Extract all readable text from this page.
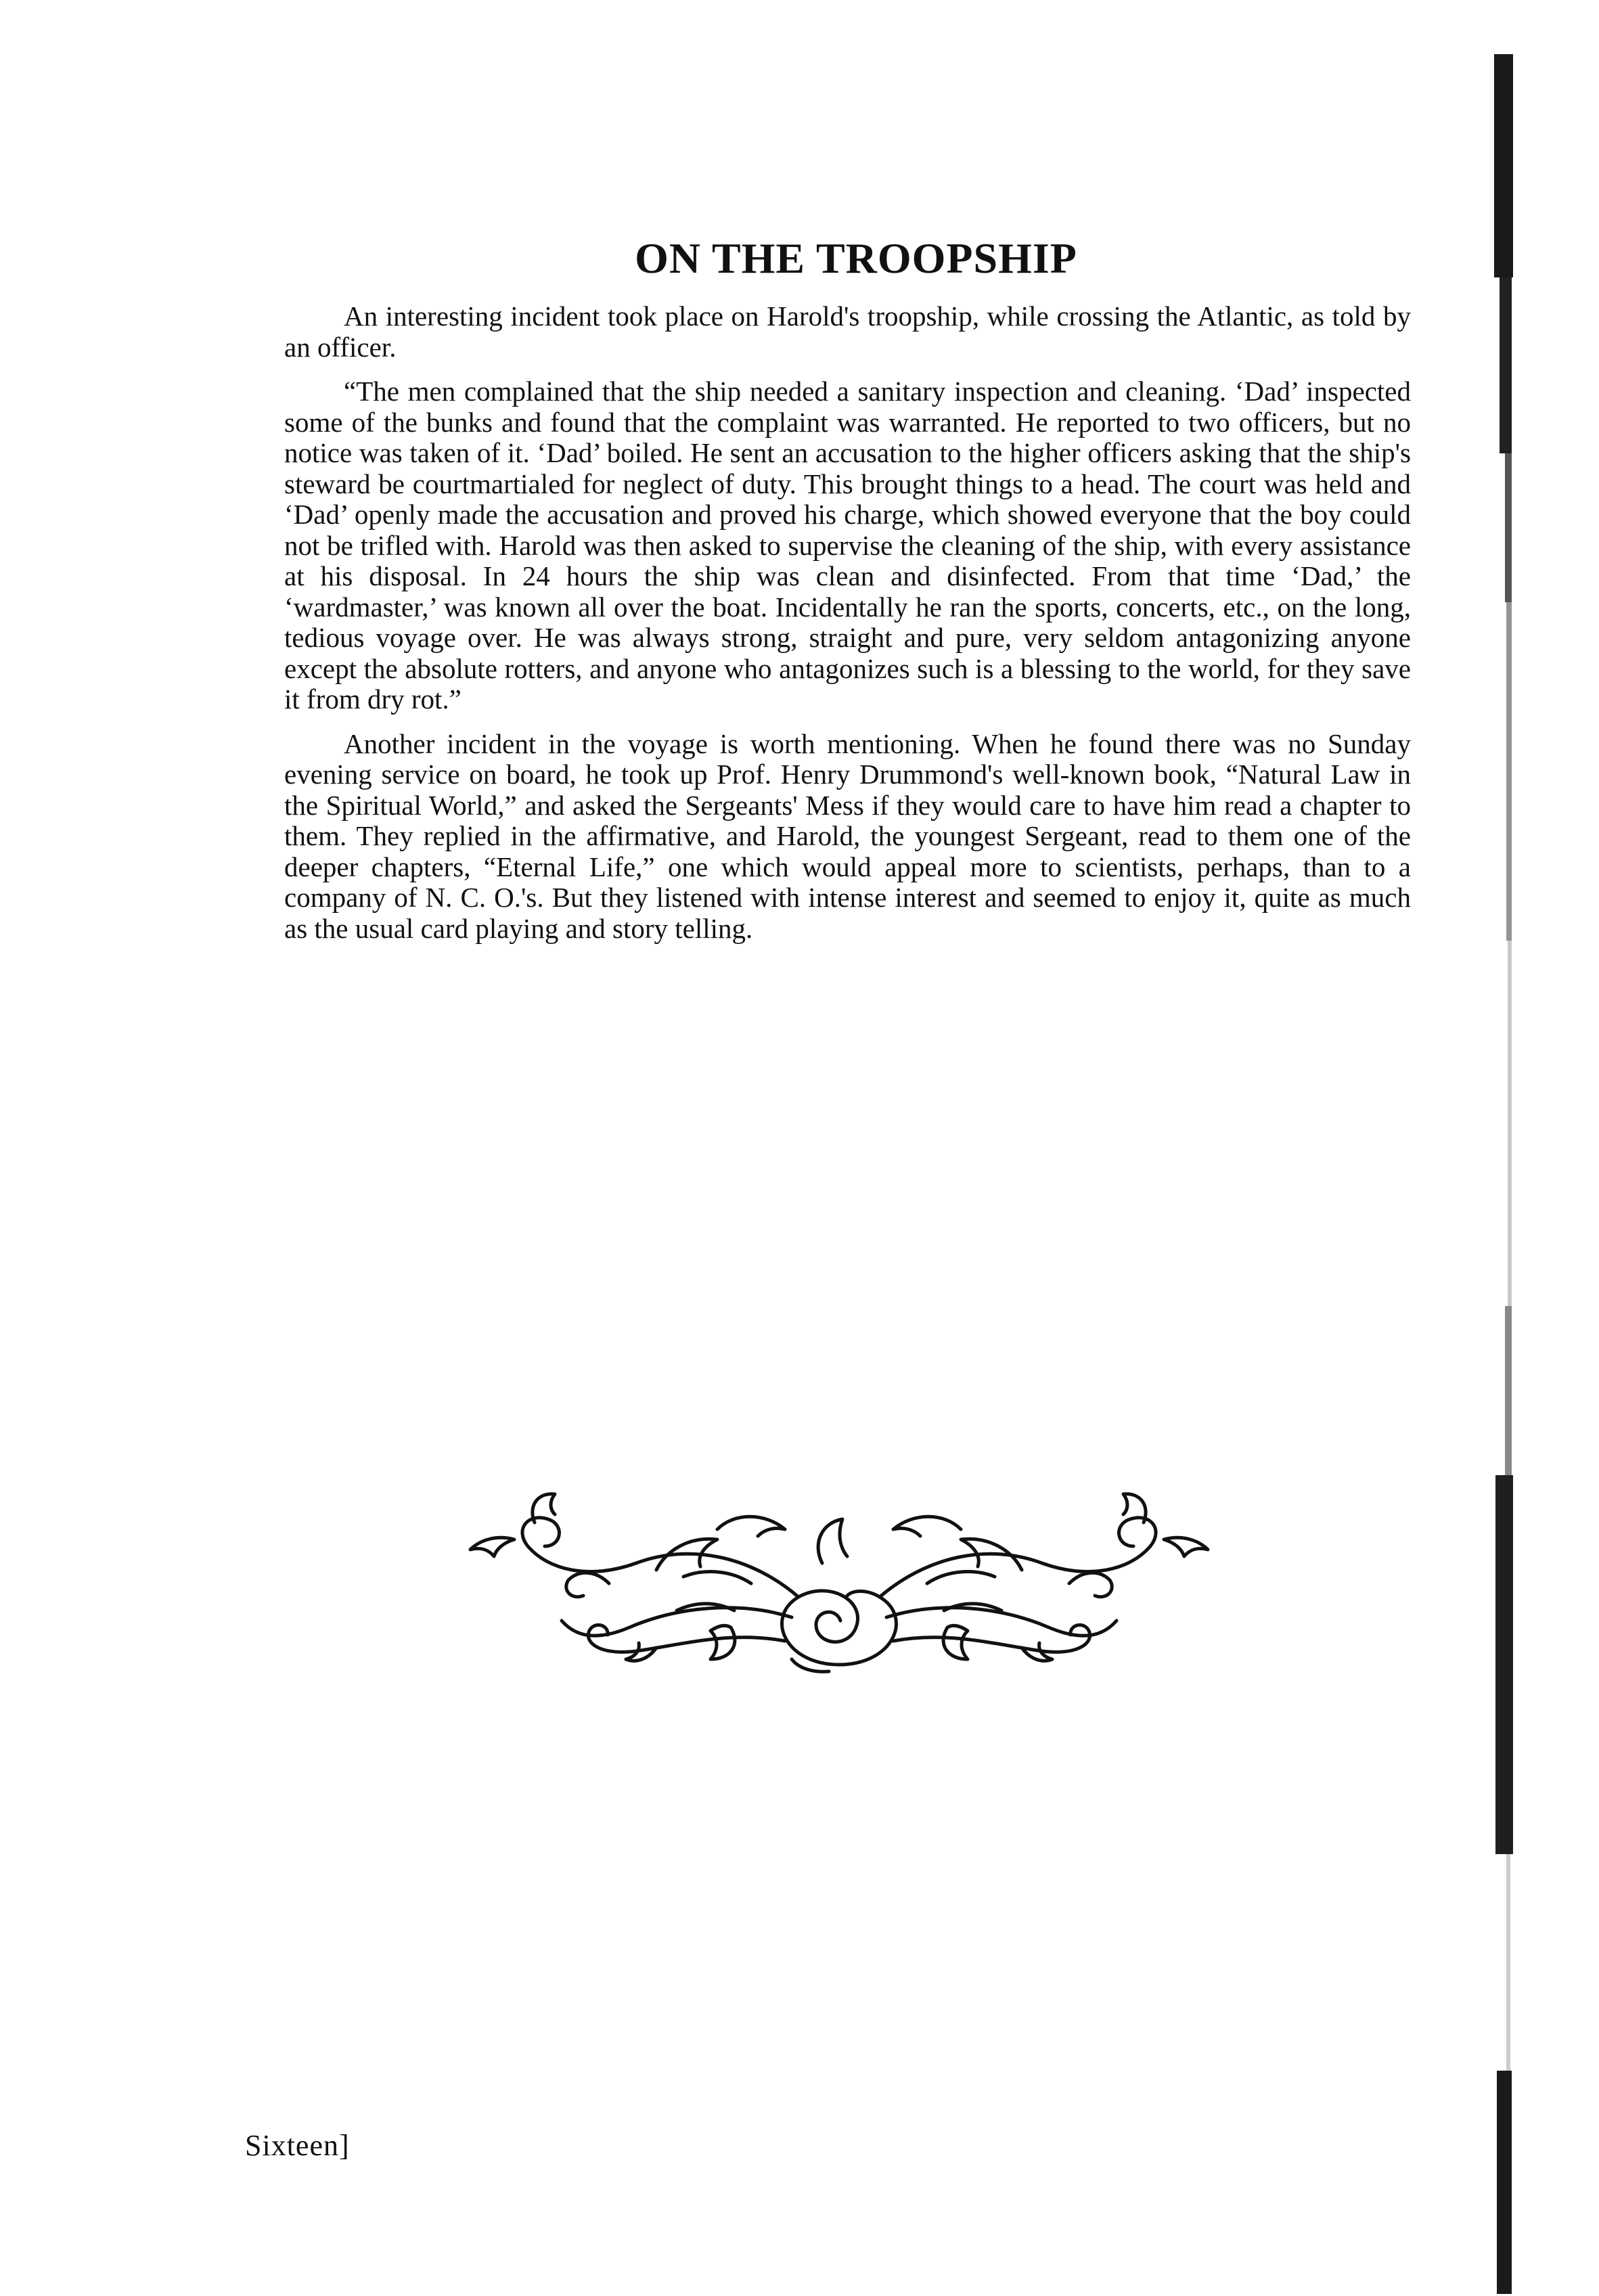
ON THE TROOPSHIP

An interesting incident took place on Harold's troopship, while crossing the Atlantic, as told by an officer.

“The men complained that the ship needed a sanitary inspection and cleaning. ‘Dad’ inspected some of the bunks and found that the complaint was warranted. He reported to two officers, but no notice was taken of it. ‘Dad’ boiled. He sent an accusation to the higher officers asking that the ship's steward be courtmartialed for neglect of duty. This brought things to a head. The court was held and ‘Dad’ openly made the accusation and proved his charge, which showed everyone that the boy could not be trifled with. Harold was then asked to supervise the cleaning of the ship, with every assistance at his disposal. In 24 hours the ship was clean and disinfected. From that time ‘Dad,’ the ‘wardmaster,’ was known all over the boat. Incidentally he ran the sports, concerts, etc., on the long, tedious voyage over. He was always strong, straight and pure, very seldom antagonizing anyone except the absolute rotters, and anyone who antagonizes such is a blessing to the world, for they save it from dry rot.”

Another incident in the voyage is worth mentioning. When he found there was no Sunday evening service on board, he took up Prof. Henry Drummond's well-known book, “Natural Law in the Spiritual World,” and asked the Sergeants' Mess if they would care to have him read a chapter to them. They replied in the affirmative, and Harold, the youngest Sergeant, read to them one of the deeper chapters, “Eternal Life,” one which would appeal more to scientists, perhaps, than to a company of N. C. O.'s. But they listened with intense interest and seemed to enjoy it, quite as much as the usual card playing and story telling.

Sixteen]
